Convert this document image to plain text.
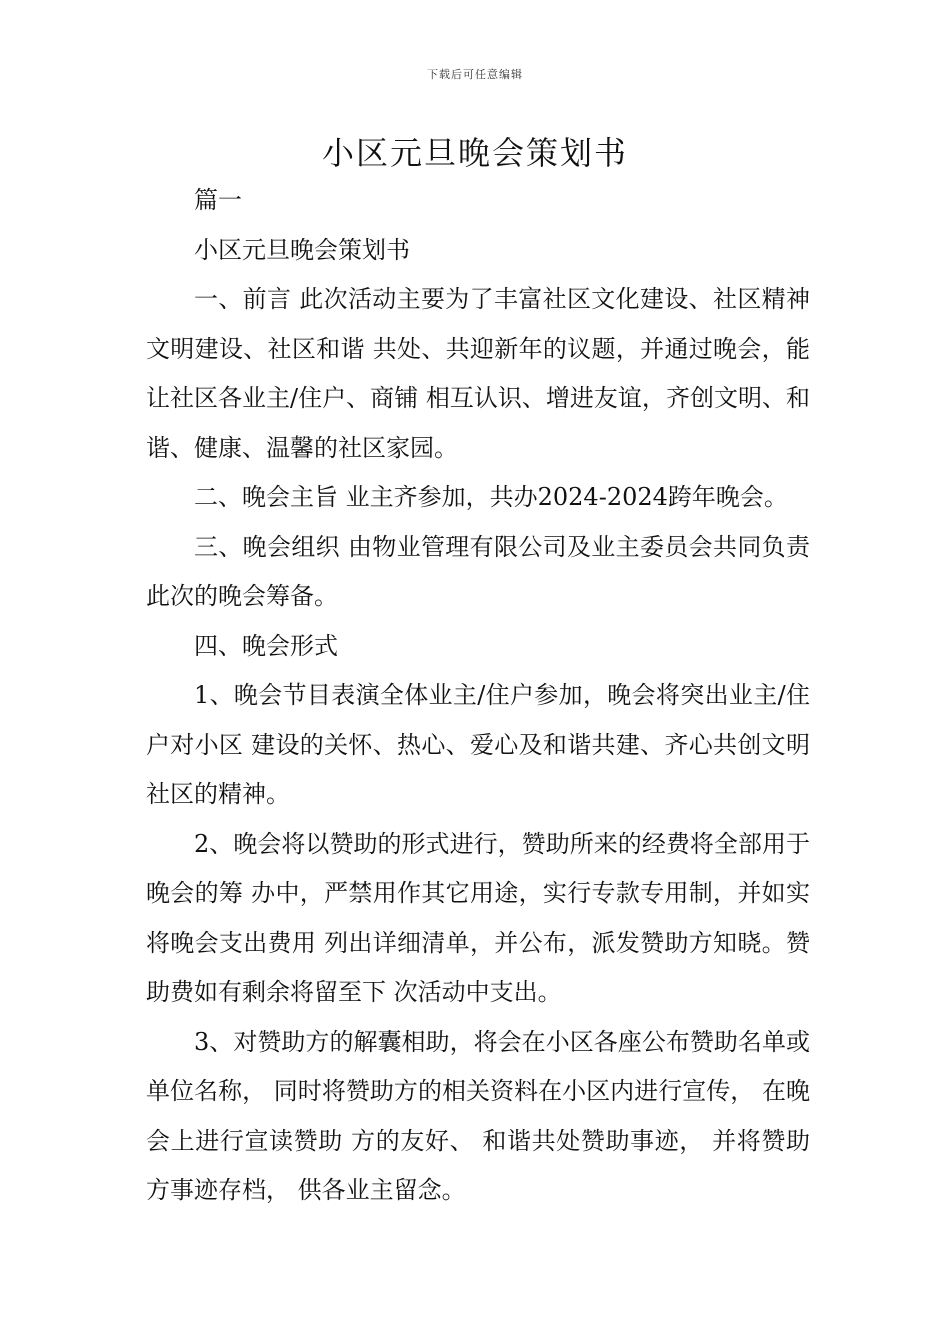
下载后可任意编辑
小区元旦晚会策划书

篇一

小区元旦晚会策划书

一、前言 此次活动主要为了丰富社区文化建设、社区精神文明建设、社区和谐 共处、共迎新年的议题，并通过晚会，能让社区各业主/住户、商铺 相互认识、增进友谊，齐创文明、和谐、健康、温馨的社区家园。

二、晚会主旨 业主齐参加，共办2024-2024跨年晚会。

三、晚会组织 由物业管理有限公司及业主委员会共同负责此次的晚会筹备。

四、晚会形式

1、晚会节目表演全体业主/住户参加，晚会将突出业主/住户对小区 建设的关怀、热心、爱心及和谐共建、齐心共创文明社区的精神。

2、晚会将以赞助的形式进行，赞助所来的经费将全部用于晚会的筹 办中，严禁用作其它用途，实行专款专用制，并如实将晚会支出费用 列出详细清单，并公布，派发赞助方知晓。赞助费如有剩余将留至下 次活动中支出。

3、对赞助方的解囊相助，将会在小区各座公布赞助名单或单位名称， 同时将赞助方的相关资料在小区内进行宣传， 在晚会上进行宣读赞助 方的友好、 和谐共处赞助事迹， 并将赞助方事迹存档， 供各业主留念。
